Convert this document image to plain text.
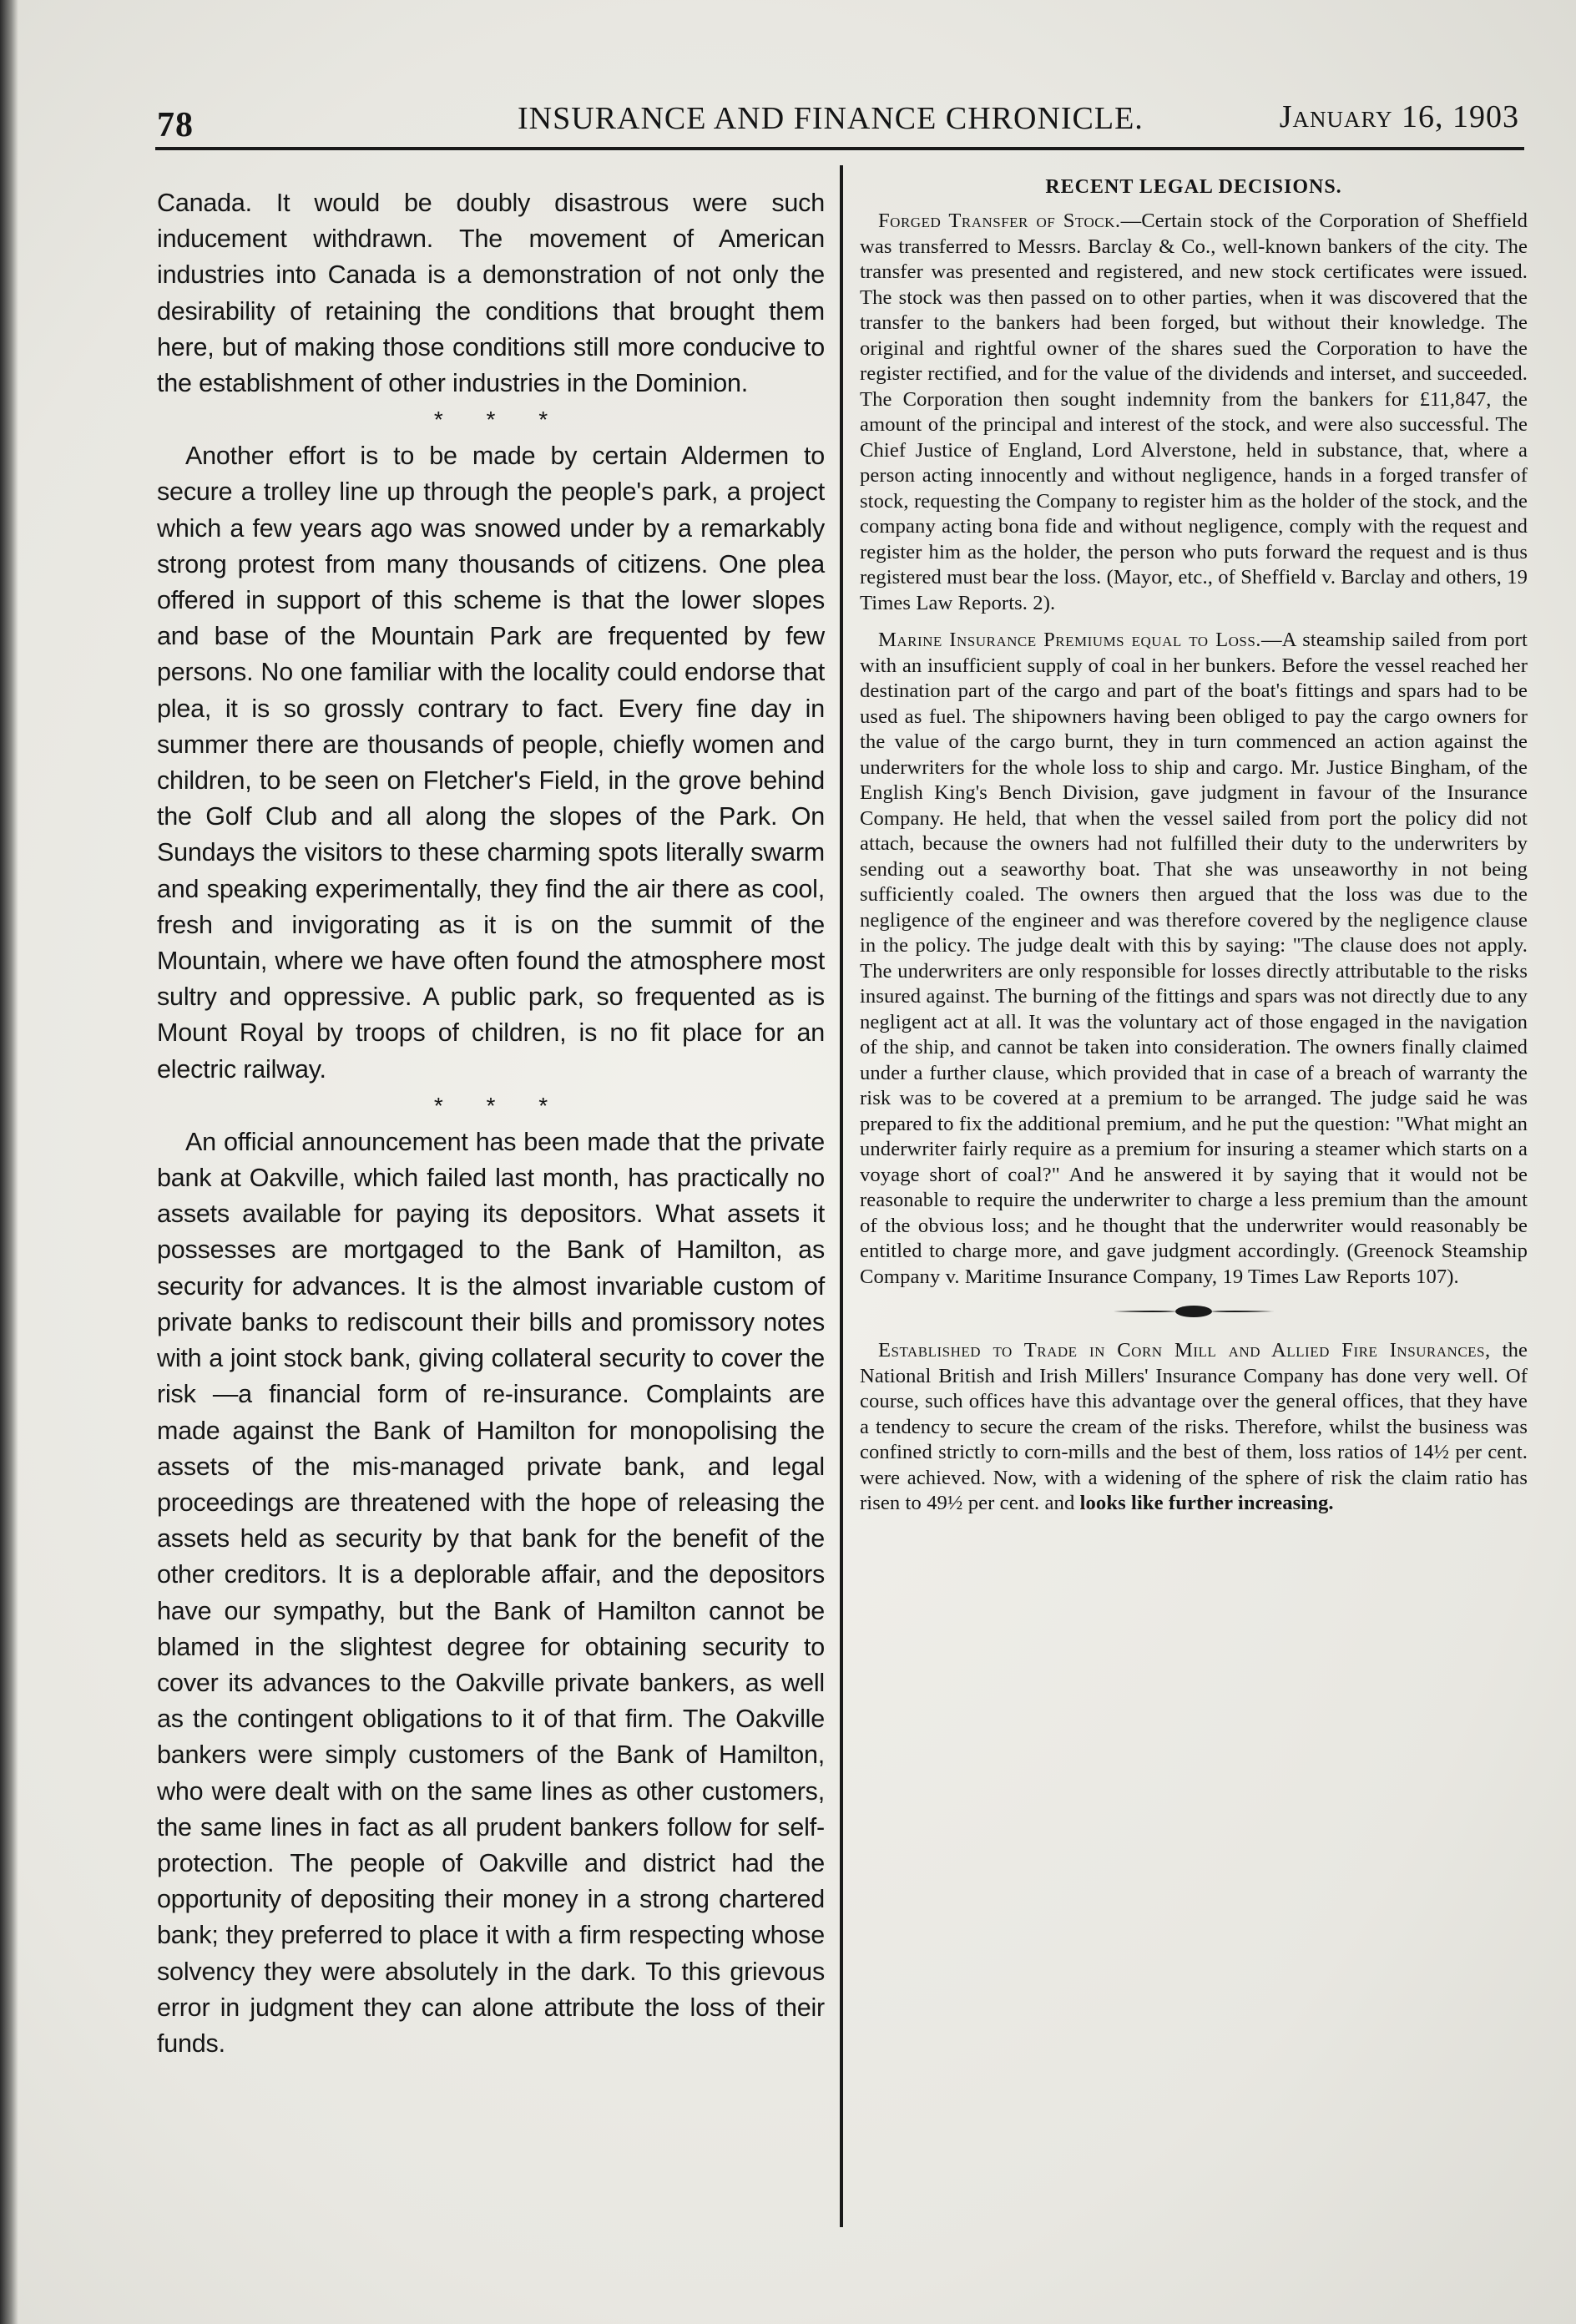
78	INSURANCE AND FINANCE CHRONICLE.	January 16, 1903

Canada. It would be doubly disastrous were such inducement withdrawn. The movement of American industries into Canada is a demonstration of not only the desirability of retaining the conditions that brought them here, but of making those conditions still more conducive to the establishment of other industries in the Dominion.

* * *

Another effort is to be made by certain Aldermen to secure a trolley line up through the people's park, a project which a few years ago was snowed under by a remarkably strong protest from many thousands of citizens. One plea offered in support of this scheme is that the lower slopes and base of the Mountain Park are frequented by few persons. No one familiar with the locality could endorse that plea, it is so grossly contrary to fact. Every fine day in summer there are thousands of people, chiefly women and children, to be seen on Fletcher's Field, in the grove behind the Golf Club and all along the slopes of the Park. On Sundays the visitors to these charming spots literally swarm and speaking experimentally, they find the air there as cool, fresh and invigorating as it is on the summit of the Mountain, where we have often found the atmosphere most sultry and oppressive. A public park, so frequented as is Mount Royal by troops of children, is no fit place for an electric railway.

* * *

An official announcement has been made that the private bank at Oakville, which failed last month, has practically no assets available for paying its depositors. What assets it possesses are mortgaged to the Bank of Hamilton, as security for advances. It is the almost invariable custom of private banks to rediscount their bills and promissory notes with a joint stock bank, giving collateral security to cover the risk —a financial form of re-insurance. Complaints are made against the Bank of Hamilton for monopolising the assets of the mis-managed private bank, and legal proceedings are threatened with the hope of releasing the assets held as security by that bank for the benefit of the other creditors. It is a deplorable affair, and the depositors have our sympathy, but the Bank of Hamilton cannot be blamed in the slightest degree for obtaining security to cover its advances to the Oakville private bankers, as well as the contingent obligations to it of that firm. The Oakville bankers were simply customers of the Bank of Hamilton, who were dealt with on the same lines as other customers, the same lines in fact as all prudent bankers follow for self-protection. The people of Oakville and district had the opportunity of depositing their money in a strong chartered bank; they preferred to place it with a firm respecting whose solvency they were absolutely in the dark. To this grievous error in judgment they can alone attribute the loss of their funds.

RECENT LEGAL DECISIONS.

Forged Transfer of Stock.—Certain stock of the Corporation of Sheffield was transferred to Messrs. Barclay & Co., well-known bankers of the city. The transfer was presented and registered, and new stock certificates were issued. The stock was then passed on to other parties, when it was discovered that the transfer to the bankers had been forged, but without their knowledge. The original and rightful owner of the shares sued the Corporation to have the register rectified, and for the value of the dividends and interset, and succeeded. The Corporation then sought indemnity from the bankers for £11,847, the amount of the principal and interest of the stock, and were also successful. The Chief Justice of England, Lord Alverstone, held in substance, that, where a person acting innocently and without negligence, hands in a forged transfer of stock, requesting the Company to register him as the holder of the stock, and the company acting bona fide and without negligence, comply with the request and register him as the holder, the person who puts forward the request and is thus registered must bear the loss. (Mayor, etc., of Sheffield v. Barclay and others, 19 Times Law Reports. 2).

Marine Insurance Premiums equal to Loss.—A steamship sailed from port with an insufficient supply of coal in her bunkers. Before the vessel reached her destination part of the cargo and part of the boat's fittings and spars had to be used as fuel. The shipowners having been obliged to pay the cargo owners for the value of the cargo burnt, they in turn commenced an action against the underwriters for the whole loss to ship and cargo. Mr. Justice Bingham, of the English King's Bench Division, gave judgment in favour of the Insurance Company. He held, that when the vessel sailed from port the policy did not attach, because the owners had not fulfilled their duty to the underwriters by sending out a seaworthy boat. That she was unseaworthy in not being sufficiently coaled. The owners then argued that the loss was due to the negligence of the engineer and was therefore covered by the negligence clause in the policy. The judge dealt with this by saying: "The clause does not apply. The underwriters are only responsible for losses directly attributable to the risks insured against. The burning of the fittings and spars was not directly due to any negligent act at all. It was the voluntary act of those engaged in the navigation of the ship, and cannot be taken into consideration. The owners finally claimed under a further clause, which provided that in case of a breach of warranty the risk was to be covered at a premium to be arranged. The judge said he was prepared to fix the additional premium, and he put the question: "What might an underwriter fairly require as a premium for insuring a steamer which starts on a voyage short of coal?" And he answered it by saying that it would not be reasonable to require the underwriter to charge a less premium than the amount of the obvious loss; and he thought that the underwriter would reasonably be entitled to charge more, and gave judgment accordingly. (Greenock Steamship Company v. Maritime Insurance Company, 19 Times Law Reports 107).

Established to Trade in Corn Mill and Allied Fire Insurances, the National British and Irish Millers' Insurance Company has done very well. Of course, such offices have this advantage over the general offices, that they have a tendency to secure the cream of the risks. Therefore, whilst the business was confined strictly to corn-mills and the best of them, loss ratios of 14½ per cent. were achieved. Now, with a widening of the sphere of risk the claim ratio has risen to 49½ per cent. and looks like further increasing.
